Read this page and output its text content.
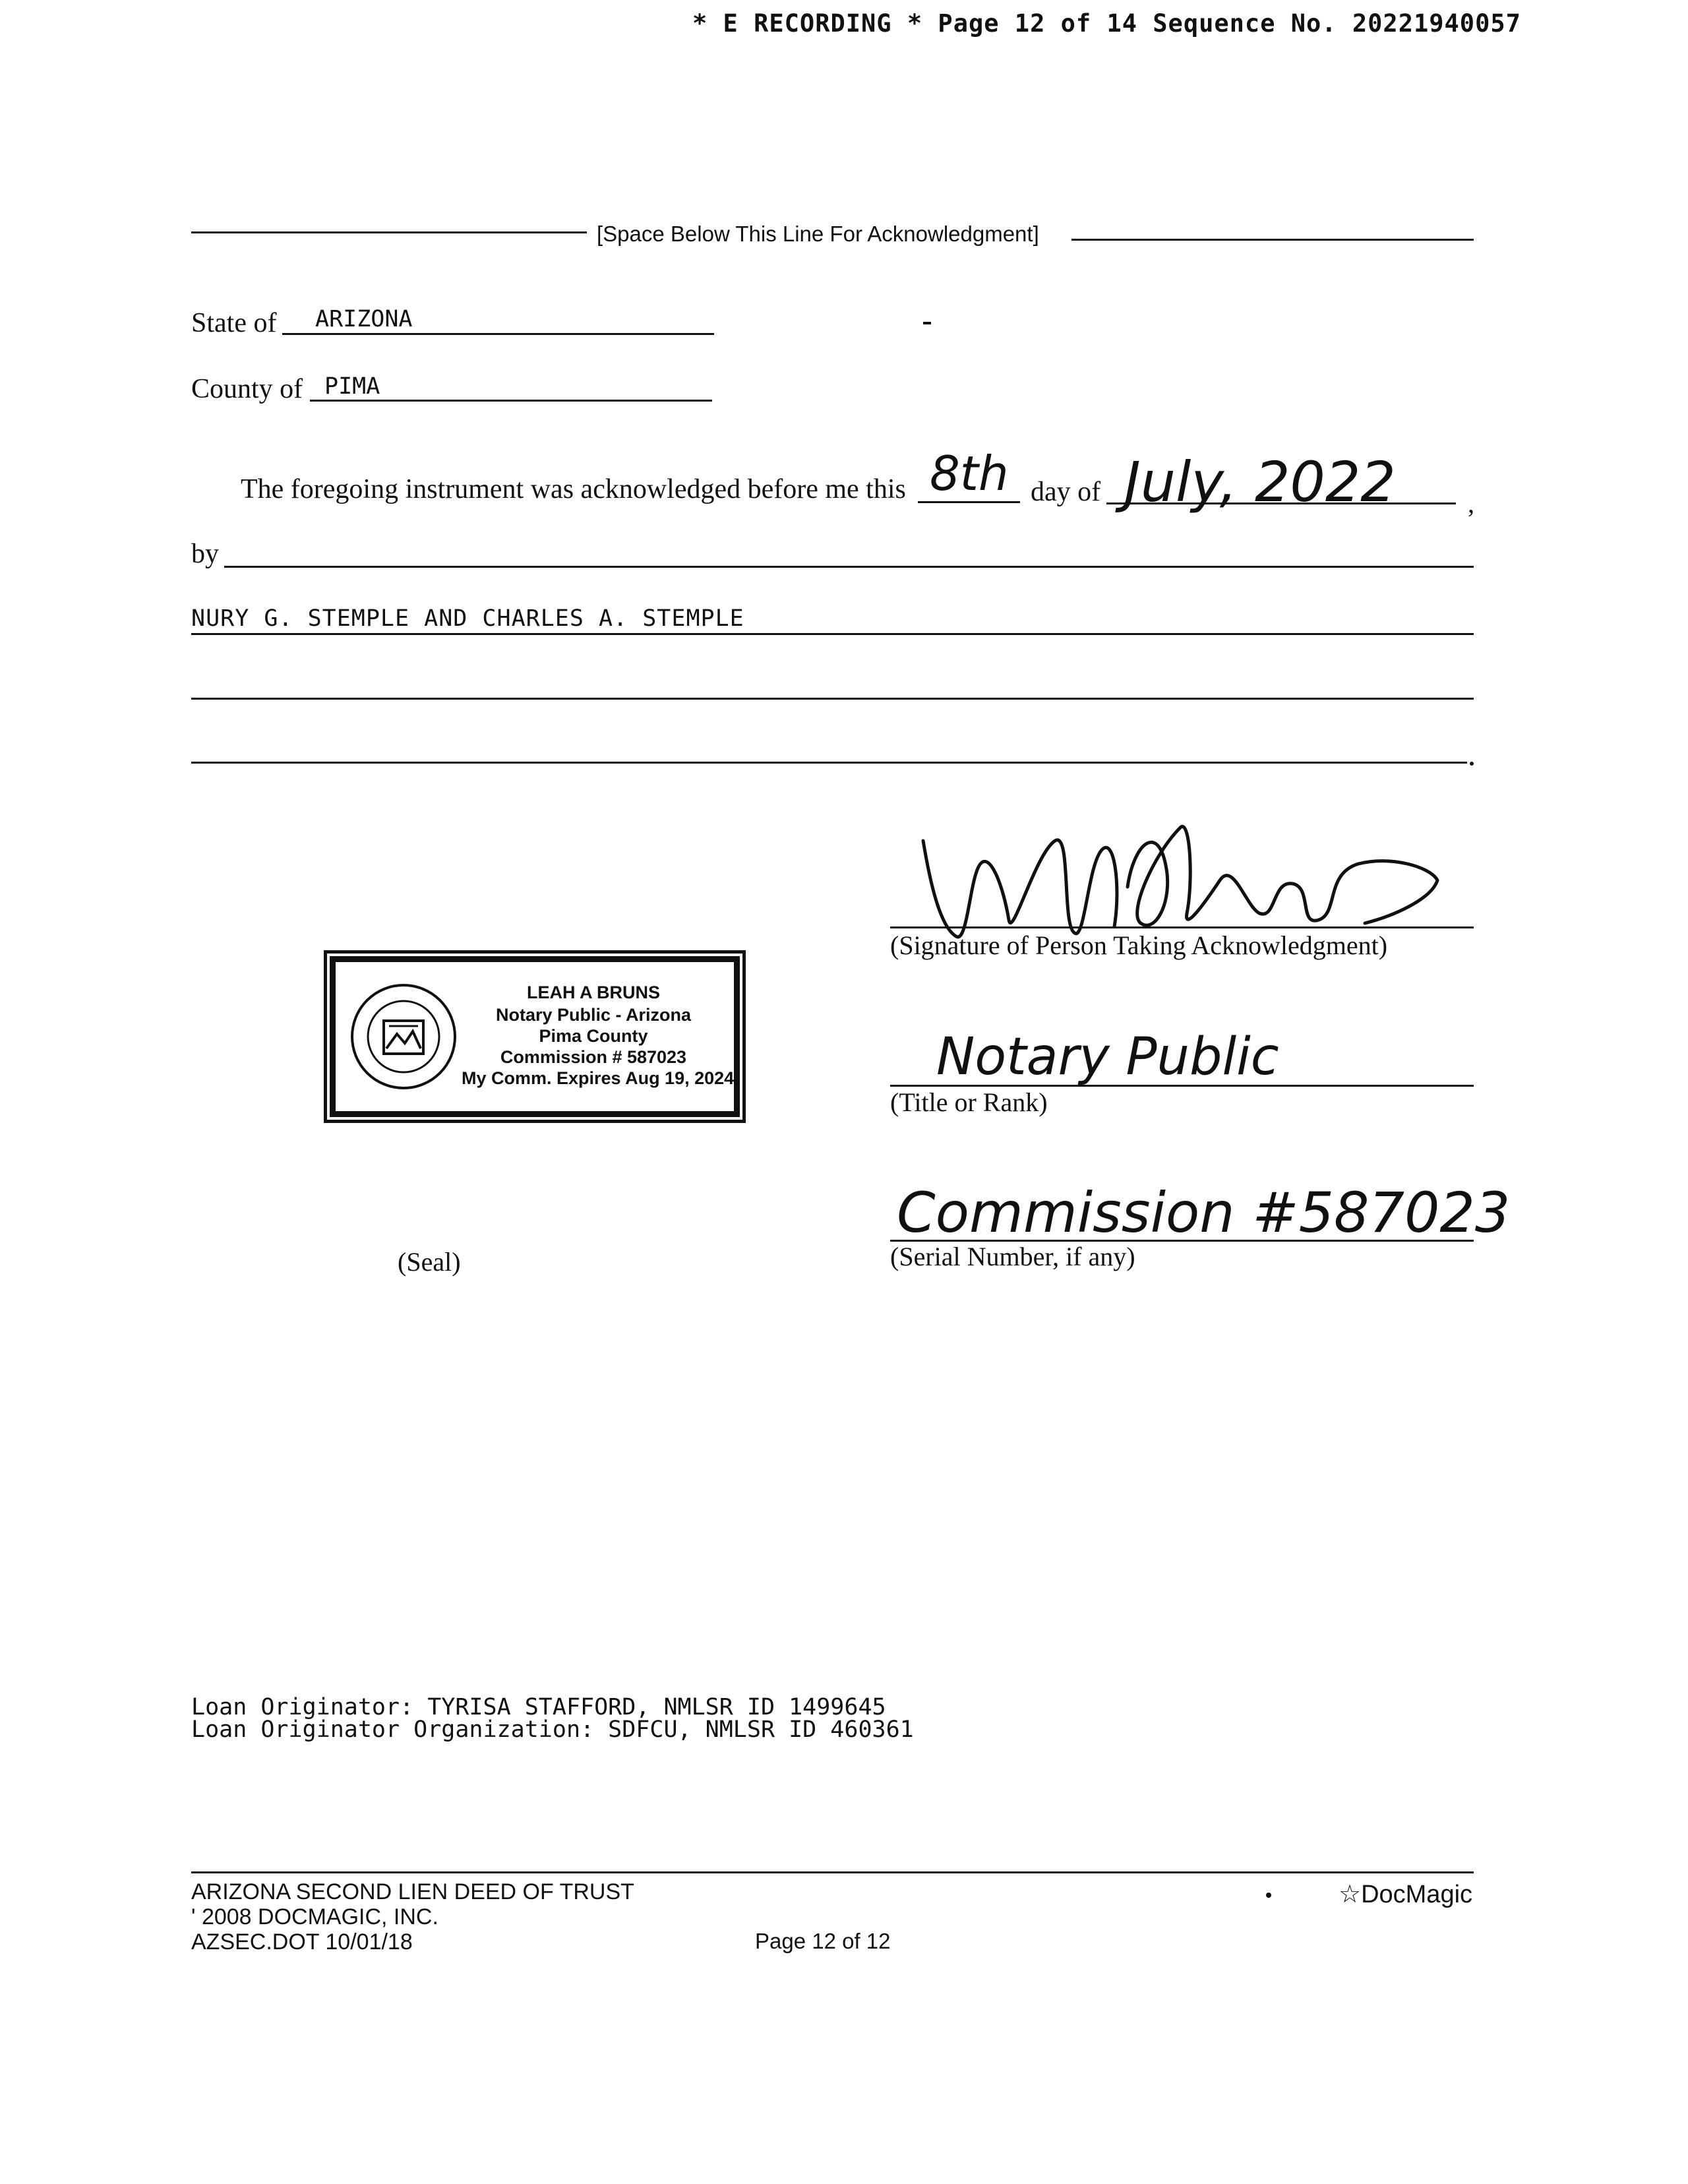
* E RECORDING * Page 12 of 14 Sequence No. 20221940057
[Space Below This Line For Acknowledgment]
State of ARIZONA
County of PIMA
The foregoing instrument was acknowledged before me this 8th day of July, 2022	,
by
NURY G. STEMPLE AND CHARLES A. STEMPLE
(Signature of Person Taking Acknowledgment)
LEAH A BRUNS
Notary Public - Arizona
Pima County
Commission # 587023
My Comm. Expires Aug 19, 2024	Notary Public
(Title or Rank)
Commission #587023
(Serial Number, if any)
(Seal)
Loan Originator: TYRISA STAFFORD, NMLSR ID 1499645
Loan Originator Organization: SDFCU, NMLSR ID 460361
ARIZONA SECOND LIEN DEED OF TRUST
' 2008 DOCMAGIC, INC.
AZSEC.DOT 10/01/18	Page 12 of 12
☆DocMagic
